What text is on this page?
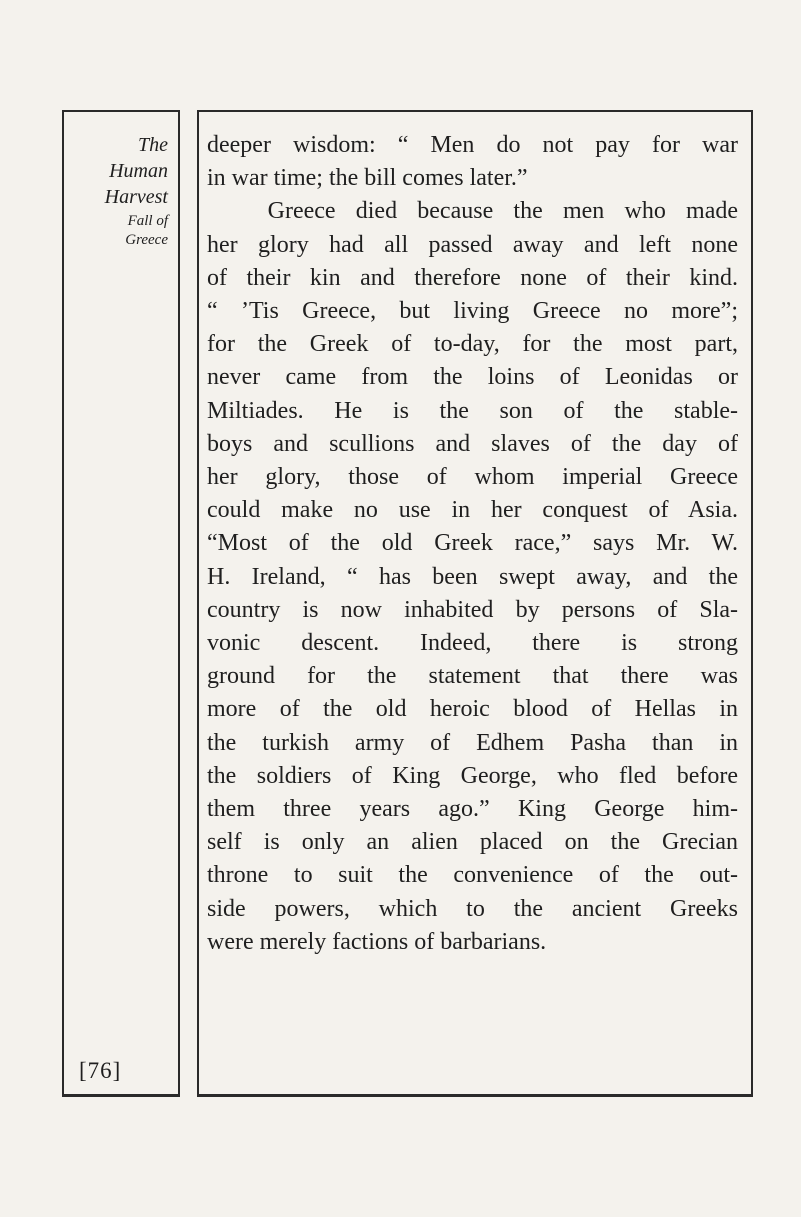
The
Human
Harvest
Fall of
Greece
[76]
deeper wisdom: “ Men do not pay for war
in war time; the bill comes later.”
Greece died because the men who made
her glory had all passed away and left none
of their kin and therefore none of their kind.
“ ’Tis Greece, but living Greece no more”;
for the Greek of to-day, for the most part,
never came from the loins of Leonidas or
Miltiades. He is the son of the stable-
boys and scullions and slaves of the day of
her glory, those of whom imperial Greece
could make no use in her conquest of Asia.
“Most of the old Greek race,” says Mr. W.
H. Ireland, “ has been swept away, and the
country is now inhabited by persons of Sla-
vonic descent. Indeed, there is strong
ground for the statement that there was
more of the old heroic blood of Hellas in
the turkish army of Edhem Pasha than in
the soldiers of King George, who fled before
them three years ago.” King George him-
self is only an alien placed on the Grecian
throne to suit the convenience of the out-
side powers, which to the ancient Greeks
were merely factions of barbarians.
